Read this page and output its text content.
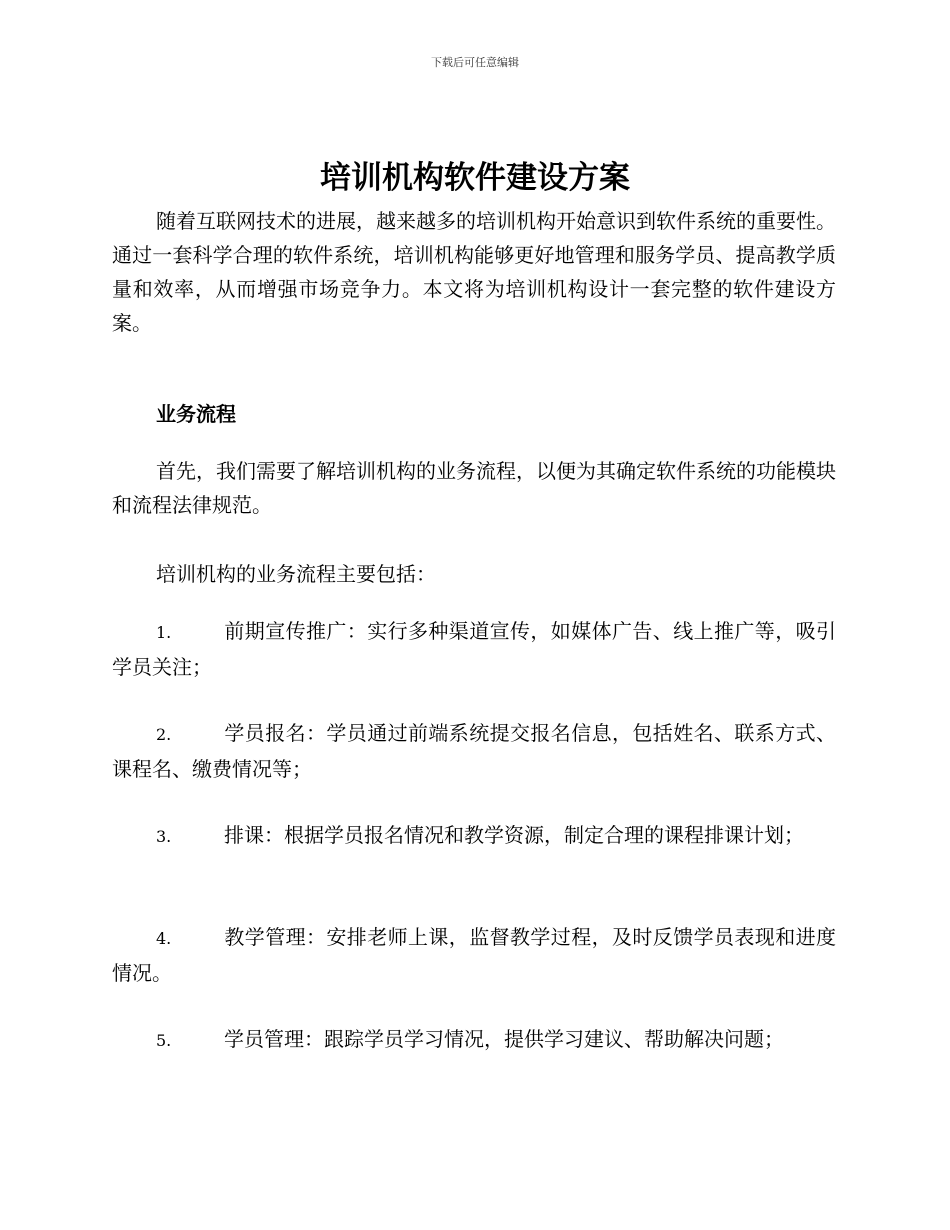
下载后可任意编辑
培训机构软件建设方案
随着互联网技术的进展，越来越多的培训机构开始意识到软件系统的重要性。通过一套科学合理的软件系统，培训机构能够更好地管理和服务学员、提高教学质量和效率，从而增强市场竞争力。本文将为培训机构设计一套完整的软件建设方案。
业务流程
首先，我们需要了解培训机构的业务流程，以便为其确定软件系统的功能模块和流程法律规范。
培训机构的业务流程主要包括：
1.	前期宣传推广：实行多种渠道宣传，如媒体广告、线上推广等，吸引学员关注；
2.	学员报名：学员通过前端系统提交报名信息，包括姓名、联系方式、课程名、缴费情况等；
3.	排课：根据学员报名情况和教学资源，制定合理的课程排课计划；
4.	教学管理：安排老师上课，监督教学过程，及时反馈学员表现和进度情况。
5.	学员管理：跟踪学员学习情况，提供学习建议、帮助解决问题；
